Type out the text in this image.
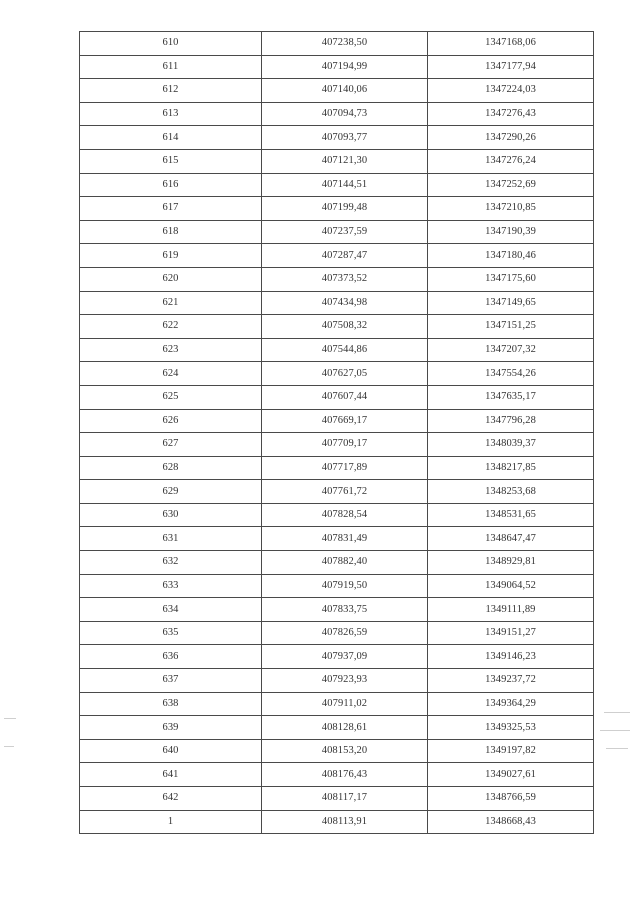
610	407238,50	1347168,06
611	407194,99	1347177,94
612	407140,06	1347224,03
613	407094,73	1347276,43
614	407093,77	1347290,26
615	407121,30	1347276,24
616	407144,51	1347252,69
617	407199,48	1347210,85
618	407237,59	1347190,39
619	407287,47	1347180,46
620	407373,52	1347175,60
621	407434,98	1347149,65
622	407508,32	1347151,25
623	407544,86	1347207,32
624	407627,05	1347554,26
625	407607,44	1347635,17
626	407669,17	1347796,28
627	407709,17	1348039,37
628	407717,89	1348217,85
629	407761,72	1348253,68
630	407828,54	1348531,65
631	407831,49	1348647,47
632	407882,40	1348929,81
633	407919,50	1349064,52
634	407833,75	1349111,89
635	407826,59	1349151,27
636	407937,09	1349146,23
637	407923,93	1349237,72
638	407911,02	1349364,29
639	408128,61	1349325,53
640	408153,20	1349197,82
641	408176,43	1349027,61
642	408117,17	1348766,59
1	408113,91	1348668,43
